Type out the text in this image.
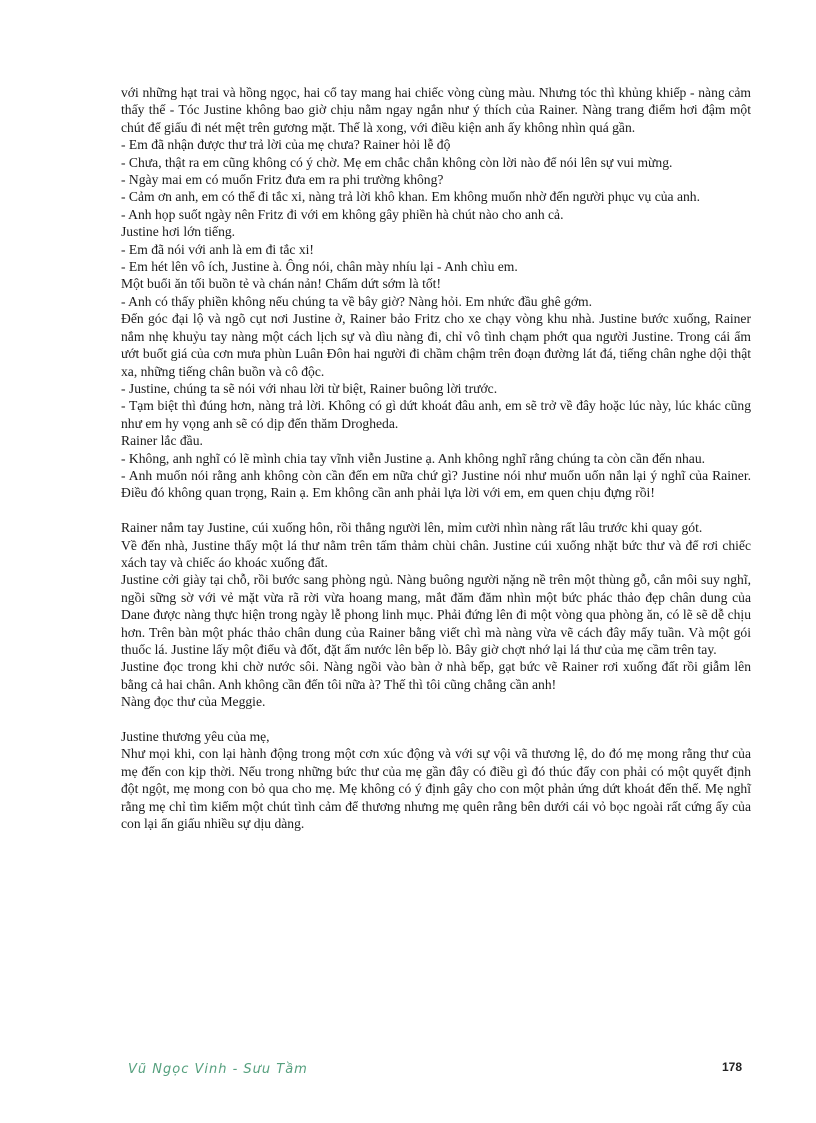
với những hạt trai và hồng ngọc, hai cổ tay mang hai chiếc vòng cùng màu. Nhưng tóc thì khủng khiếp - nàng cảm thấy thế - Tóc Justine không bao giờ chịu nằm ngay ngắn như ý thích của Rainer. Nàng trang điểm hơi đậm một chút để giấu đi nét mệt trên gương mặt. Thế là xong, với điều kiện anh ấy không nhìn quá gần.

- Em đã nhận được thư trả lời của mẹ chưa? Rainer hỏi lễ độ

- Chưa, thật ra em cũng không có ý chờ. Mẹ em chắc chắn không còn lời nào để nói lên sự vui mừng.

- Ngày mai em có muốn Fritz đưa em ra phi trường không?

- Cảm ơn anh, em có thể đi tắc xi, nàng trả lời khô khan. Em không muốn nhờ đến người phục vụ của anh.

- Anh họp suốt ngày nên Fritz đi với em không gây phiền hà chút nào cho anh cả.

Justine hơi lớn tiếng.

- Em đã nói với anh là em đi tắc xi!

- Em hét lên vô ích, Justine à. Ông nói, chân mày nhíu lại - Anh chìu em.

Một buổi ăn tối buồn tẻ và chán nản! Chấm dứt sớm là tốt!

- Anh có thấy phiền không nếu chúng ta về bây giờ? Nàng hỏi. Em nhức đầu ghê gớm.

Đến góc đại lộ và ngõ cụt nơi Justine ở, Rainer bảo Fritz cho xe chạy vòng khu nhà. Justine bước xuống, Rainer nắm nhẹ khuỷu tay nàng một cách lịch sự và dìu nàng đi, chỉ vô tình chạm phớt qua người Justine. Trong cái ẩm ướt buốt giá của cơn mưa phùn Luân Đôn hai người đi chầm chậm trên đoạn đường lát đá, tiếng chân nghe dội thật xa, những tiếng chân buồn và cô độc.

- Justine, chúng ta sẽ nói với nhau lời từ biệt, Rainer buông lời trước.

- Tạm biệt thì đúng hơn, nàng trả lời. Không có gì dứt khoát đâu anh, em sẽ trở về đây hoặc lúc này, lúc khác cũng như em hy vọng anh sẽ có dịp đến thăm Drogheda.

Rainer lắc đầu.

- Không, anh nghĩ có lẽ mình chia tay vĩnh viễn Justine ạ. Anh không nghĩ rằng chúng ta còn cần đến nhau.

- Anh muốn nói rằng anh không còn cần đến em nữa chứ gì? Justine nói như muốn uốn nắn lại ý nghĩ của Rainer. Điều đó không quan trọng, Rain ạ. Em không cần anh phải lựa lời với em, em quen chịu đựng rồi!

Rainer nắm tay Justine, cúi xuống hôn, rồi thẳng người lên, mỉm cười nhìn nàng rất lâu trước khi quay gót.

Về đến nhà, Justine thấy một lá thư nằm trên tấm thảm chùi chân. Justine cúi xuống nhặt bức thư và để rơi chiếc xách tay và chiếc áo khoác xuống đất.

Justine cởi giày tại chỗ, rồi bước sang phòng ngủ. Nàng buông người nặng nề trên một thùng gỗ, cắn môi suy nghĩ, ngồi sững sờ với vẻ mặt vừa rã rời vừa hoang mang, mắt đăm đăm nhìn một bức phác thảo đẹp chân dung của Dane được nàng thực hiện trong ngày lễ phong linh mục. Phải đứng lên đi một vòng qua phòng ăn, có lẽ sẽ dễ chịu hơn. Trên bàn một phác thảo chân dung của Rainer bằng viết chì mà nàng vừa vẽ cách đây mấy tuần. Và một gói thuốc lá. Justine lấy một điếu và đốt, đặt ấm nước lên bếp lò. Bây giờ chợt nhớ lại lá thư của mẹ cầm trên tay.

Justine đọc trong khi chờ nước sôi. Nàng ngồi vào bàn ở nhà bếp, gạt bức vẽ Rainer rơi xuống đất rồi giẫm lên bằng cả hai chân. Anh không cần đến tôi nữa à? Thế thì tôi cũng chẳng cần anh!

Nàng đọc thư của Meggie.

Justine thương yêu của mẹ,

Như mọi khi, con lại hành động trong một cơn xúc động và với sự vội vã thương lệ, do đó mẹ mong rằng thư của mẹ đến con kịp thời. Nếu trong những bức thư của mẹ gần đây có điều gì đó thúc đẩy con phải có một quyết định đột ngột, mẹ mong con bỏ qua cho mẹ. Mẹ không có ý định gây cho con một phản ứng dứt khoát đến thế. Mẹ nghĩ rằng mẹ chỉ tìm kiếm một chút tình cảm để thương nhưng mẹ quên rằng bên dưới cái vỏ bọc ngoài rất cứng ấy của con lại ẩn giấu nhiều sự dịu dàng.

Vũ Ngọc Vinh - Sưu Tầm	178
